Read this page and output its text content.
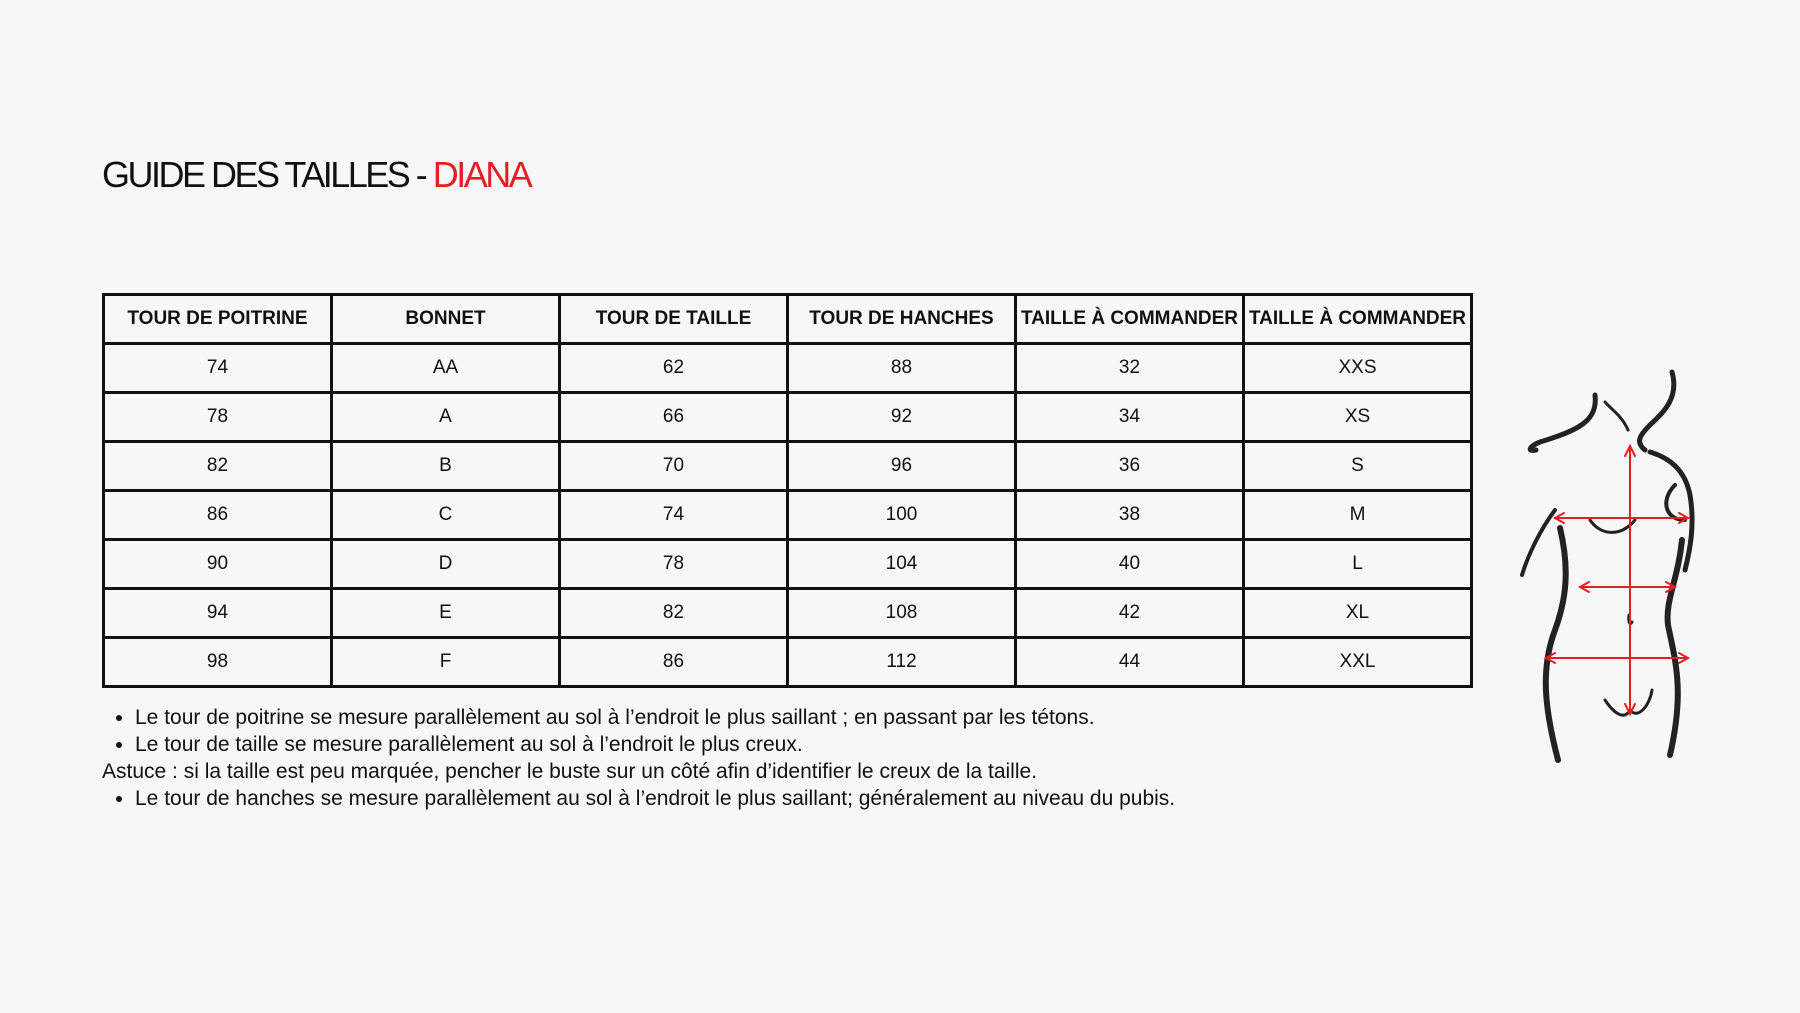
GUIDE DES TAILLES - DIANA
TOUR DE POITRINE	BONNET	TOUR DE TAILLE	TOUR DE HANCHES	TAILLE À COMMANDER	TAILLE À COMMANDER
74	AA	62	88	32	XXS
78	A	66	92	34	XS
82	B	70	96	36	S
86	C	74	100	38	M
90	D	78	104	40	L
94	E	82	108	42	XL
98	F	86	112	44	XXL
• Le tour de poitrine se mesure parallèlement au sol à l’endroit le plus saillant ; en passant par les tétons.
• Le tour de taille se mesure parallèlement au sol à l’endroit le plus creux.

Astuce : si la taille est peu marquée, pencher le buste sur un côté afin d’identifier le creux de la taille.

• Le tour de hanches se mesure parallèlement au sol à l’endroit le plus saillant; généralement au niveau du pubis.
